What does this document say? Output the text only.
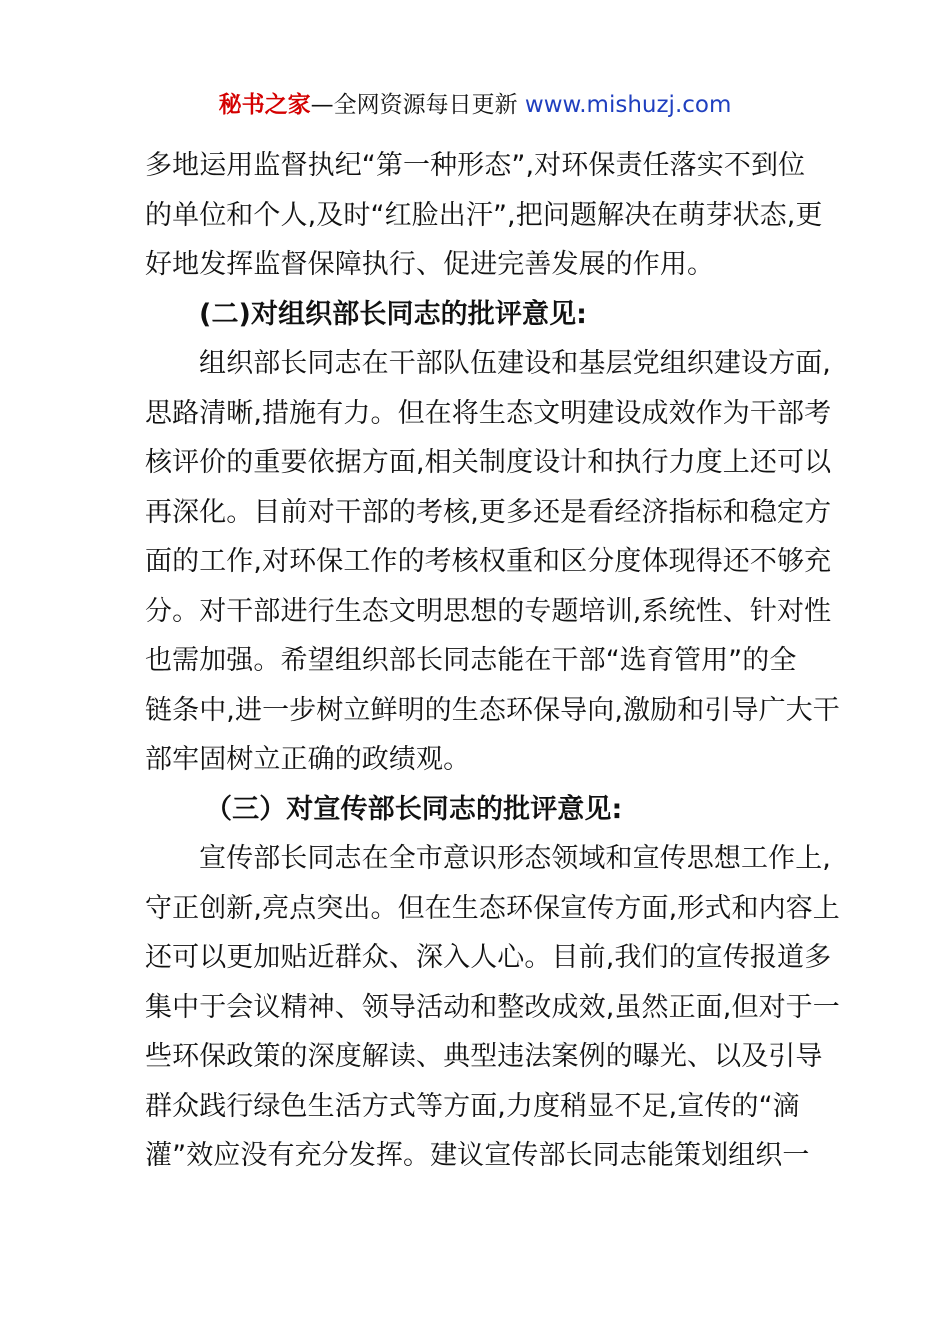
秘书之家—全网资源每日更新 www.mishuzj.com
多地运用监督执纪“第一种形态”,对环保责任落实不到位
的单位和个人,及时“红脸出汗”,把问题解决在萌芽状态,更
好地发挥监督保障执行、促进完善发展的作用。
(二)对组织部长同志的批评意见:
组织部长同志在干部队伍建设和基层党组织建设方面,
思路清晰,措施有力。但在将生态文明建设成效作为干部考
核评价的重要依据方面,相关制度设计和执行力度上还可以
再深化。目前对干部的考核,更多还是看经济指标和稳定方
面的工作,对环保工作的考核权重和区分度体现得还不够充
分。对干部进行生态文明思想的专题培训,系统性、针对性
也需加强。希望组织部长同志能在干部“选育管用”的全
链条中,进一步树立鲜明的生态环保导向,激励和引导广大干
部牢固树立正确的政绩观。
（三）对宣传部长同志的批评意见:
宣传部长同志在全市意识形态领域和宣传思想工作上,
守正创新,亮点突出。但在生态环保宣传方面,形式和内容上
还可以更加贴近群众、深入人心。目前,我们的宣传报道多
集中于会议精神、领导活动和整改成效,虽然正面,但对于一
些环保政策的深度解读、典型违法案例的曝光、以及引导
群众践行绿色生活方式等方面,力度稍显不足,宣传的“滴
灌”效应没有充分发挥。建议宣传部长同志能策划组织一
